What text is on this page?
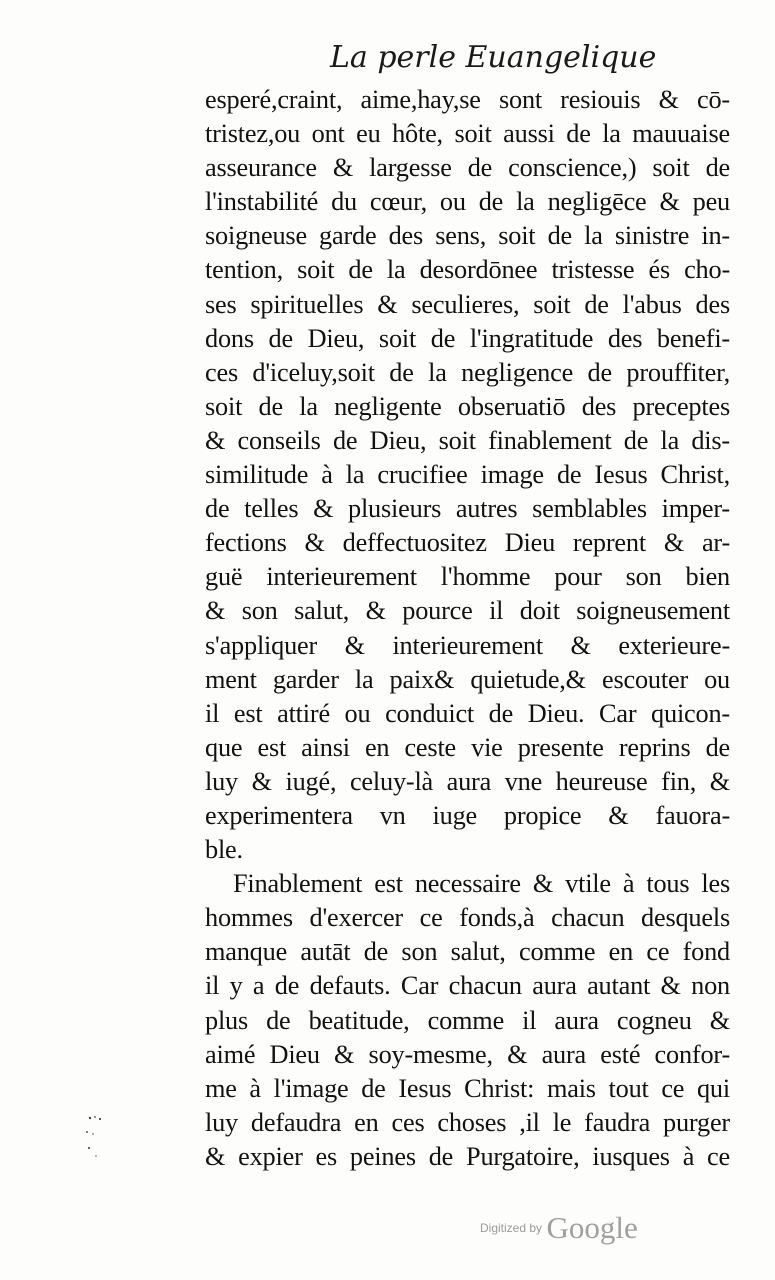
La perle Euangelique
esperé,craint, aime,hay,se sont resiouis & cō-
tristez,ou ont eu hôte, soit aussi de la mauuaise
asseurance & largesse de conscience,) soit de
l'instabilité du cœur, ou de la negligēce & peu
soigneuse garde des sens, soit de la sinistre in-
tention, soit de la desordōnee tristesse és cho-
ses spirituelles & seculieres, soit de l'abus des
dons de Dieu, soit de l'ingratitude des benefi-
ces d'iceluy,soit de la negligence de prouffiter,
soit de la negligente obseruatiō des preceptes
& conseils de Dieu, soit finablement de la dis-
similitude à la crucifiee image de Iesus Christ,
de telles & plusieurs autres semblables imper-
fections & deffectuositez Dieu reprent & ar-
guë interieurement l'homme pour son bien
& son salut, & pource il doit soigneusement
s'appliquer & interieurement & exterieure-
ment garder la paix& quietude,& escouter ou
il est attiré ou conduict de Dieu. Car quicon-
que est ainsi en ceste vie presente reprins de
luy & iugé, celuy-là aura vne heureuse fin, &
experimentera vn iuge propice & fauora-
ble.
Finablement est necessaire & vtile à tous les
hommes d'exercer ce fonds,à chacun desquels
manque autāt de son salut, comme en ce fond
il y a de defauts. Car chacun aura autant & non
plus de beatitude, comme il aura cogneu &
aimé Dieu & soy-mesme, & aura esté confor-
me à l'image de Iesus Christ: mais tout ce qui
luy defaudra en ces choses ,il le faudra purger
& expier es peines de Purgatoire, iusques à ce
Digitized by Google
